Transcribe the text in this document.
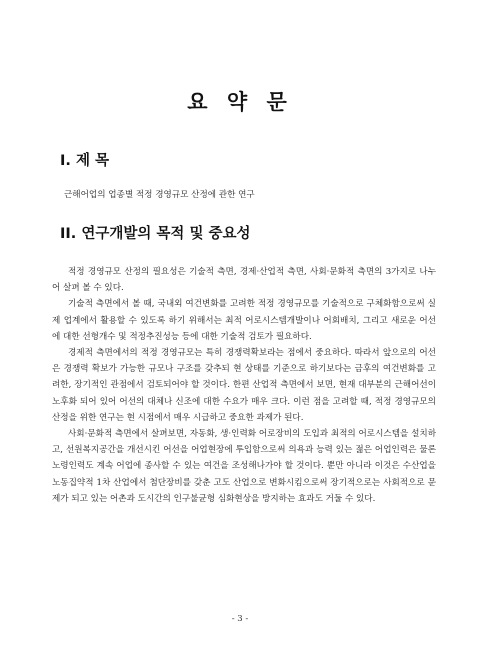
요 약 문
I. 제 목
근해어업의 업종별 적정 경영규모 산정에 관한 연구
II. 연구개발의 목적 및 중요성

적정 경영규모 산정의 필요성은 기술적 측면, 경제·산업적 측면, 사회·문화적 측면의 3가지로 나누어 살펴 볼 수 있다.

기술적 측면에서 볼 때, 국내외 여건변화를 고려한 적정 경영규모를 기술적으로 구체화함으로써 실제 업계에서 활용할 수 있도록 하기 위해서는 최적 어로시스템개발이나 어회배치, 그리고 새로운 어선에 대한 선형개수 및 적정추진성능 등에 대한 기술적 검토가 필요하다.

경제적 측면에서의 적정 경영규모는 특히 경쟁력확보라는 점에서 중요하다. 따라서 앞으로의 어선은 경쟁력 확보가 가능한 규모나 구조를 갖추되 현 상태를 기준으로 하기보다는 금후의 여건변화를 고려한, 장기적인 관점에서 검토되어야 할 것이다. 한편 산업적 측면에서 보면, 현재 대부분의 근해어선이 노후화 되어 있어 어선의 대체나 신조에 대한 수요가 매우 크다. 이런 점을 고려할 때, 적정 경영규모의 산정을 위한 연구는 현 시점에서 매우 시급하고 중요한 과제가 된다.

사회·문화적 측면에서 살펴보면, 자동화, 생·인력화 어로장비의 도입과 최적의 어로시스템을 설치하고, 선원복지공간을 개선시킨 어선을 어업현장에 투입함으로써 의욕과 능력 있는 젊은 어업인력은 물론 노령인력도 계속 어업에 종사할 수 있는 여건을 조성해나가야 할 것이다. 뿐만 아니라 이것은 수산업을 노동집약적 1차 산업에서 첨단장비를 갖춘 고도 산업으로 변화시킴으로써 장기적으로는 사회적으로 문제가 되고 있는 어촌과 도시간의 인구불균형 심화현상을 방지하는 효과도 거둘 수 있다.

- 3 -
